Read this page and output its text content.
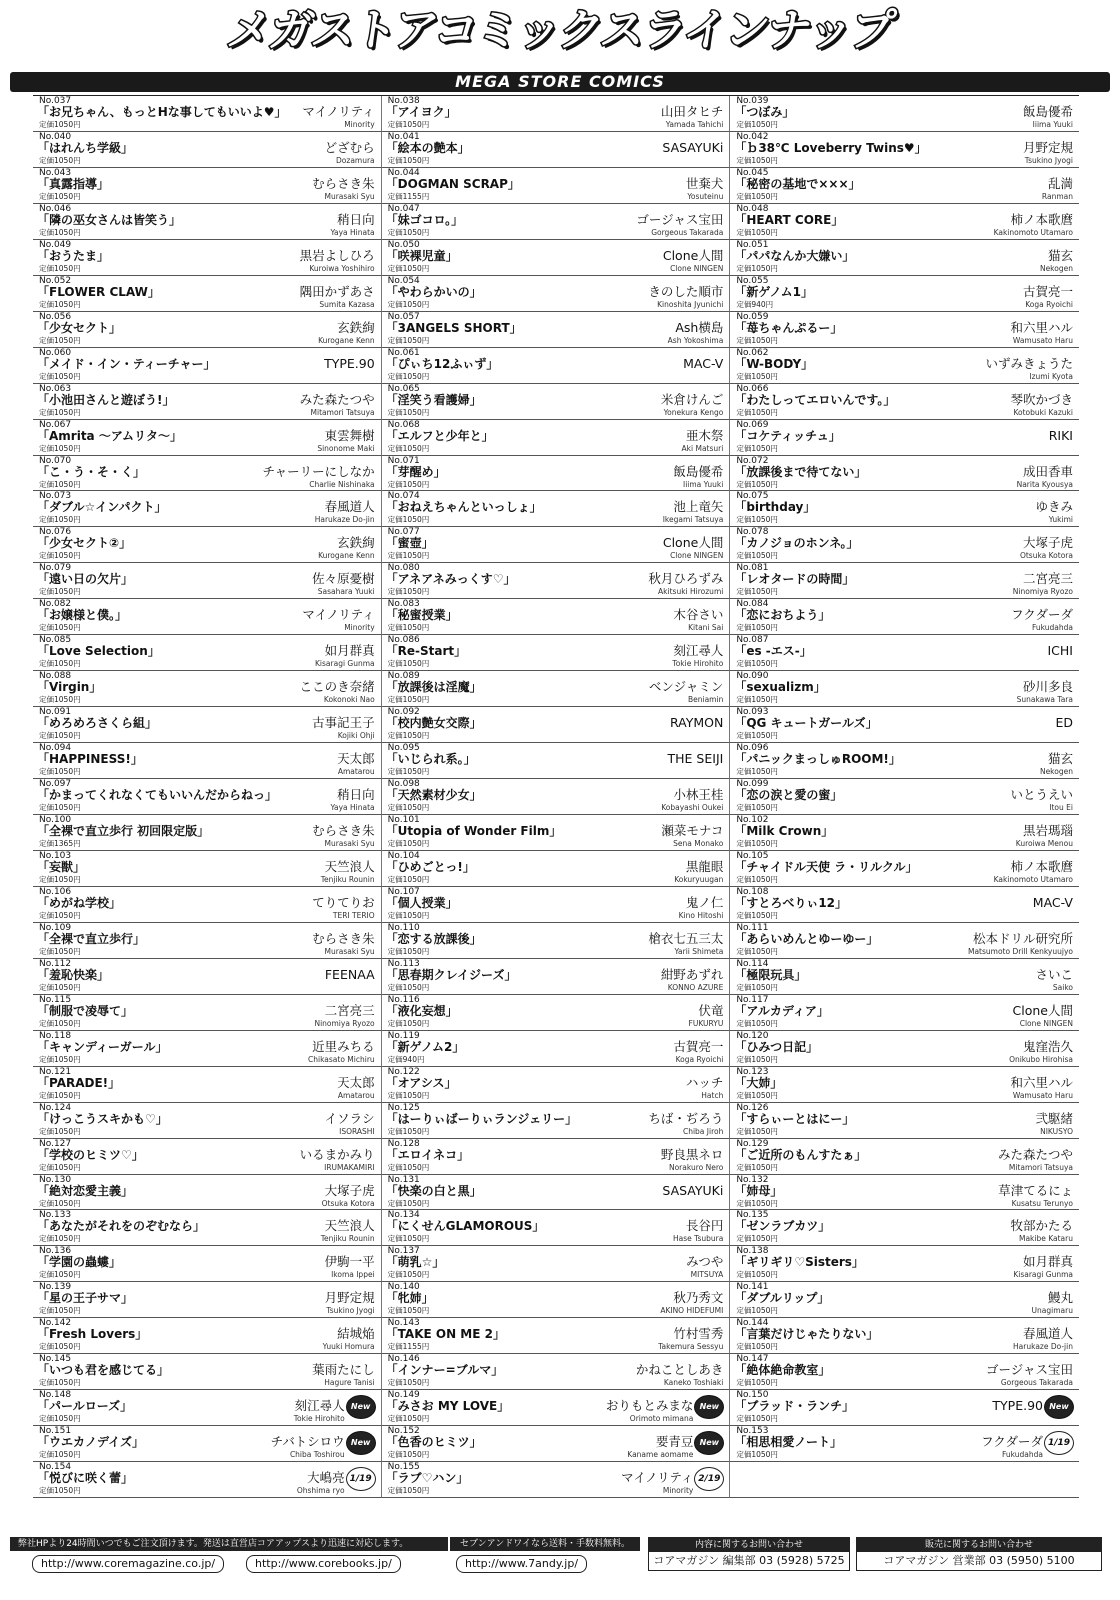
メガストアコミックスラインナップ
MEGA STORE COMICS
No.037
「お兄ちゃん、もっとHな事してもいいよ♥」
定価1050円
マイノリティ
Minority
No.038
「アイヨク」
定価1050円
山田タヒチ
Yamada Tahichi
No.039
「つぼみ」
定価1050円
飯島優希
Iiima Yuuki
No.040
「はれんち学級」
定価1050円
どざむら
Dozamura
No.041
「絵本の艶本」
定価1050円
SASAYUKi
No.042
「ｂ38℃ Loveberry Twins♥」
定価1050円
月野定規
Tsukino Jyogi
No.043
「真露指導」
定価1050円
むらさき朱
Murasaki Syu
No.044
「DOGMAN SCRAP」
定価1155円
世棄犬
Yosuteinu
No.045
「秘密の基地で×××」
定価1050円
乱満
Ranman
No.046
「隣の巫女さんは皆笑う」
定価1050円
稍日向
Yaya Hinata
No.047
「妹ゴコロ。」
定価1050円
ゴージャス宝田
Gorgeous Takarada
No.048
「HEART CORE」
定価1050円
柿ノ本歌麿
Kakinomoto Utamaro
No.049
「おうたま」
定価1050円
黒岩よしひろ
Kuroiwa Yoshihiro
No.050
「咲裸児童」
定価1050円
Clone人間
Clone NINGEN
No.051
「パパなんか大嫌い」
定価1050円
猫玄
Nekogen
No.052
「FLOWER CLAW」
定価1050円
隅田かずあさ
Sumita Kazasa
No.054
「やわらかいの」
定価1050円
きのした順市
Kinoshita Jyunichi
No.055
「新ゲノム1」
定価940円
古賀亮一
Koga Ryoichi
No.056
「少女セクト」
定価1050円
玄鉄絢
Kurogane Kenn
No.057
「3ANGELS SHORT」
定価1050円
Ash横島
Ash Yokoshima
No.059
「苺ちゃんぷるー」
定価1050円
和六里ハル
Wamusato Haru
No.060
「メイド・イン・ティーチャー」
定価1050円
TYPE.90
No.061
「ぴぃち12ふぃず」
定価1050円
MAC-V
No.062
「W-BODY」
定価1050円
いずみきょうた
Izumi Kyota
No.063
「小池田さんと遊ぼう!」
定価1050円
みた森たつや
Mitamori Tatsuya
No.065
「淫笑う看護婦」
定価1050円
米倉けんご
Yonekura Kengo
No.066
「わたしってエロいんです。」
定価1050円
琴吹かづき
Kotobuki Kazuki
No.067
「Amrita ～アムリタ～」
定価1050円
東雲舞樹
Sinonome Maki
No.068
「エルフと少年と」
定価1050円
亜木祭
Aki Matsuri
No.069
「コケティッチュ」
定価1050円
RIKI
No.070
「こ・う・そ・く」
定価1050円
チャーリーにしなか
Charlie Nishinaka
No.071
「芽醒め」
定価1050円
飯島優希
Iiima Yuuki
No.072
「放課後まで待てない」
定価1050円
成田香車
Narita Kyousya
No.073
「ダブル☆インパクト」
定価1050円
春風道人
Harukaze Do-jin
No.074
「おねえちゃんといっしょ」
定価1050円
池上竜矢
Ikegami Tatsuya
No.075
「birthday」
定価1050円
ゆきみ
Yukimi
No.076
「少女セクト②」
定価1050円
玄鉄絢
Kurogane Kenn
No.077
「蜜壺」
定価1050円
Clone人間
Clone NINGEN
No.078
「カノジョのホンネ。」
定価1050円
大塚子虎
Otsuka Kotora
No.079
「遠い日の欠片」
定価1050円
佐々原憂樹
Sasahara Yuuki
No.080
「アネアネみっくす♡」
定価1050円
秋月ひろずみ
Akitsuki Hirozumi
No.081
「レオタードの時間」
定価1050円
二宮亮三
Ninomiya Ryozo
No.082
「お嬢様と僕。」
定価1050円
マイノリティ
Minority
No.083
「秘蜜授業」
定価1050円
木谷さい
Kitani Sai
No.084
「恋におちよう」
定価1050円
フクダーダ
Fukudahda
No.085
「Love Selection」
定価1050円
如月群真
Kisaragi Gunma
No.086
「Re-Start」
定価1050円
刻江尋人
Tokie Hirohito
No.087
「es -エス-」
定価1050円
ICHI
No.088
「Virgin」
定価1050円
ここのき奈緒
Kokonoki Nao
No.089
「放課後は淫魔」
定価1050円
ベンジャミン
Beniamin
No.090
「sexualizm」
定価1050円
砂川多良
Sunakawa Tara
No.091
「めろめろさくら組」
定価1050円
古事記王子
Kojiki Ohji
No.092
「校内艶女交際」
定価1050円
RAYMON
No.093
「QG キュートガールズ」
定価1050円
ED
No.094
「HAPPINESS!」
定価1050円
天太郎
Amatarou
No.095
「いじられ系。」
定価1050円
THE SEIJI
No.096
「パニックまっしゅROOM!」
定価1050円
猫玄
Nekogen
No.097
「かまってくれなくてもいいんだからねっ」
定価1050円
稍日向
Yaya Hinata
No.098
「天然素材少女」
定価1050円
小林王桂
Kobayashi Oukei
No.099
「恋の涙と愛の蜜」
定価1050円
いとうえい
Itou Ei
No.100
「全裸で直立歩行 初回限定版」
定価1365円
むらさき朱
Murasaki Syu
No.101
「Utopia of Wonder Film」
定価1050円
瀬菜モナコ
Sena Monako
No.102
「Milk Crown」
定価1050円
黒岩瑪瑙
Kuroiwa Menou
No.103
「妄獣」
定価1050円
天竺浪人
Tenjiku Rounin
No.104
「ひめごとっ!」
定価1050円
黒龍眼
Kokuryuugan
No.105
「チャイドル天使 ラ・リルクル」
定価1050円
柿ノ本歌麿
Kakinomoto Utamaro
No.106
「めがね学校」
定価1050円
てりてりお
TERI TERIO
No.107
「個人授業」
定価1050円
鬼ノ仁
Kino Hitoshi
No.108
「すとろべりぃ12」
定価1050円
MAC-V
No.109
「全裸で直立歩行」
定価1050円
むらさき朱
Murasaki Syu
No.110
「恋する放課後」
定価1050円
槍衣七五三太
Yarii Shimeta
No.111
「あらいめんとゆーゆー」
定価1050円
松本ドリル研究所
Matsumoto Drill Kenkyuujyo
No.112
「羞恥快楽」
定価1050円
FEENAA
No.113
「思春期クレイジーズ」
定価1050円
紺野あずれ
KONNO AZURE
No.114
「極限玩具」
定価1050円
さいこ
Saiko
No.115
「制服で凌辱て」
定価1050円
二宮亮三
Ninomiya Ryozo
No.116
「液化妄想」
定価1050円
伏竜
FUKURYU
No.117
「アルカディア」
定価1050円
Clone人間
Clone NINGEN
No.118
「キャンディーガール」
定価1050円
近里みちる
Chikasato Michiru
No.119
「新ゲノム2」
定価940円
古賀亮一
Koga Ryoichi
No.120
「ひみつ日記」
定価1050円
鬼窪浩久
Onikubo Hirohisa
No.121
「PARADE!」
定価1050円
天太郎
Amatarou
No.122
「オアシス」
定価1050円
ハッチ
Hatch
No.123
「大姉」
定価1050円
和六里ハル
Wamusato Haru
No.124
「けっこうスキかも♡」
定価1050円
イソラシ
ISORASHI
No.125
「はーりぃばーりぃランジェリー」
定価1050円
ちば・ぢろう
Chiba Jiroh
No.126
「すらぃーとはにー」
定価1050円
弐駆緒
NIKUSYO
No.127
「学校のヒミツ♡」
定価1050円
いるまかみり
IRUMAKAMIRI
No.128
「エロイネコ」
定価1050円
野良黒ネロ
Norakuro Nero
No.129
「ご近所のもんすたぁ」
定価1050円
みた森たつや
Mitamori Tatsuya
No.130
「絶対恋愛主義」
定価1050円
大塚子虎
Otsuka Kotora
No.131
「快楽の白と黒」
定価1050円
SASAYUKi
No.132
「姉母」
定価1050円
草津てるにょ
Kusatsu Terunyo
No.133
「あなたがそれをのぞむなら」
定価1050円
天竺浪人
Tenjiku Rounin
No.134
「にくせんGLAMOROUS」
定価1050円
長谷円
Hase Tsubura
No.135
「ゼンラブカツ」
定価1050円
牧部かたる
Makibe Kataru
No.136
「学園の蟲螻」
定価1050円
伊駒一平
Ikoma Ippei
No.137
「萌乳☆」
定価1050円
みつや
MITSUYA
No.138
「ギリギリ♡Sisters」
定価1050円
如月群真
Kisaragi Gunma
No.139
「星の王子サマ」
定価1050円
月野定規
Tsukino Jyogi
No.140
「牝姉」
定価1050円
秋乃秀文
AKINO HIDEFUMI
No.141
「ダブルリップ」
定価1050円
鰻丸
Unagimaru
No.142
「Fresh Lovers」
定価1050円
結城焔
Yuuki Homura
No.143
「TAKE ON ME 2」
定価1155円
竹村雪秀
Takemura Sessyu
No.144
「言葉だけじゃたりない」
定価1050円
春風道人
Harukaze Do-jin
No.145
「いつも君を感じてる」
定価1050円
葉雨たにし
Hagure Tanisi
No.146
「インナー=ブルマ」
定価1050円
かねことしあき
Kaneko Toshiaki
No.147
「絶体絶命教室」
定価1050円
ゴージャス宝田
Gorgeous Takarada
No.148
「パールローズ」
定価1050円
刻江尋人
Tokie Hirohito
New
No.149
「みさお MY LOVE」
定価1050円
おりもとみまな
Orimoto mimana
New
No.150
「ブラッド・ランチ」
定価1050円
TYPE.90 New
No.151
「ウエカノデイズ」
定価1050円
チバトシロウ
Chiba Toshirou
New
No.152
「色香のヒミツ」
定価1050円
要青豆
Kaname aomame
New
No.153
「相思相愛ノート」
定価1050円
フクダーダ
Fukudahda
1/19
No.154
「悦びに咲く蕾」
定価1050円
大嶋亮
Ohshima ryo
1/19
No.155
「ラブ♡ハン」
定価1050円
マイノリティ
Minority
2/19
弊社HPより24時間いつでもご注文頂けます。発送は直営店コアアップスより迅速に対応します。
http://www.coremagazine.co.jp/	http://www.corebooks.jp/
セブンアンドワイなら送料・手数料無料。
http://www.7andy.jp/
内容に関するお問い合わせ
コアマガジン 編集部 03 (5928) 5725
販売に関するお問い合わせ
コアマガジン 営業部 03 (5950) 5100
